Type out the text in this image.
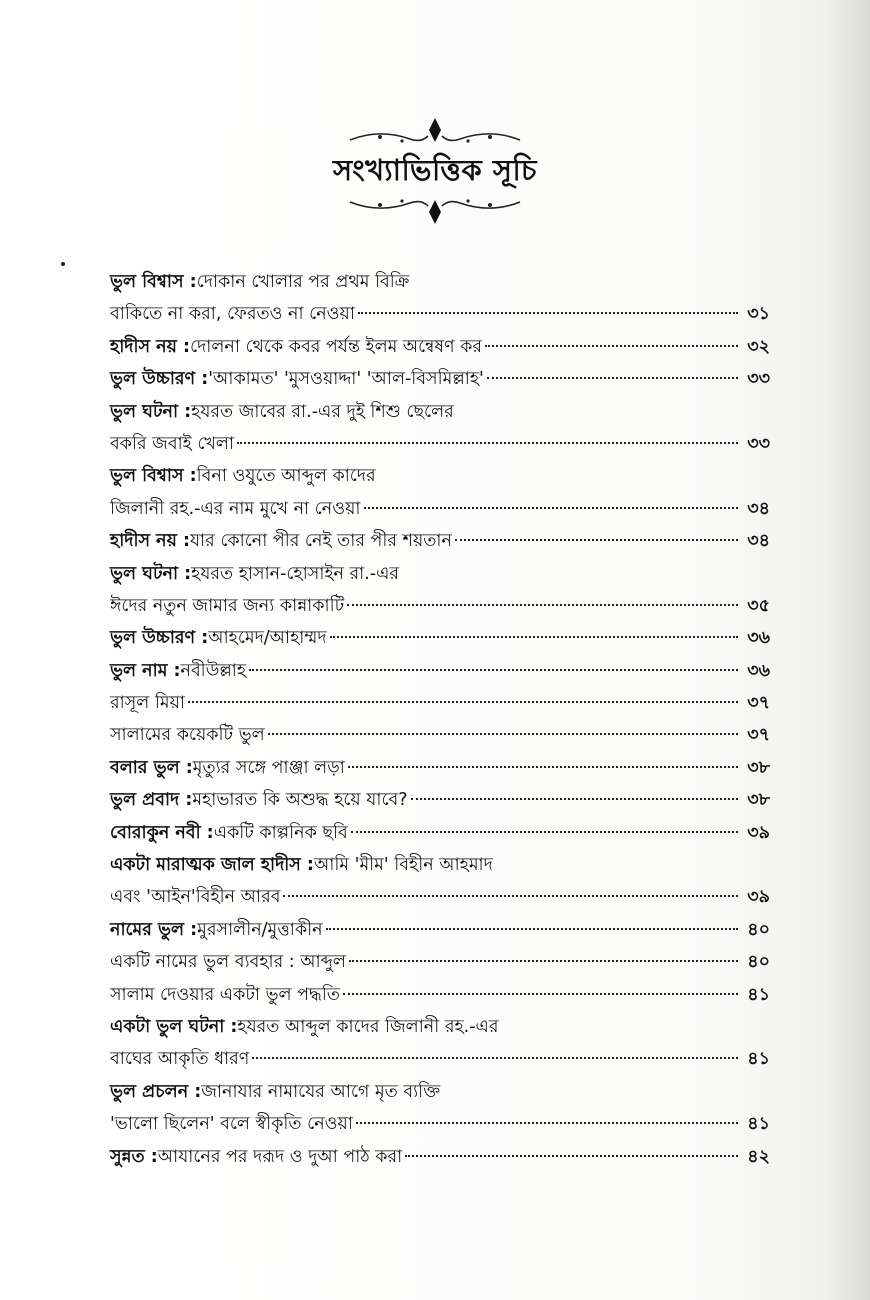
সংখ্যাভিত্তিক সূচি
ভুল বিশ্বাস : দোকান খোলার পর প্রথম বিক্রি
বাকিতে না করা, ফেরতও না নেওয়া	৩১
হাদীস নয় : দোলনা থেকে কবর পর্যন্ত ইলম অন্বেষণ কর	৩২
ভুল উচ্চারণ : 'আকামত' 'মুসওয়াদ্দা' 'আল-বিসমিল্লাহ'	৩৩
ভুল ঘটনা : হযরত জাবের রা.-এর দুই শিশু ছেলের
বকরি জবাই খেলা	৩৩
ভুল বিশ্বাস : বিনা ওযুতে আব্দুল কাদের
জিলানী রহ.-এর নাম মুখে না নেওয়া	৩৪
হাদীস নয় : যার কোনো পীর নেই তার পীর শয়তান	৩৪
ভুল ঘটনা : হযরত হাসান-হোসাইন রা.-এর
ঈদের নতুন জামার জন্য কান্নাকাটি	৩৫
ভুল উচ্চারণ : আহমেদ/আহাম্মদ	৩৬
ভুল নাম : নবীউল্লাহ	৩৬
রাসূল মিয়া	৩৭
সালামের কয়েকটি ভুল	৩৭
বলার ভুল : মৃত্যুর সঙ্গে পাঞ্জা লড়া	৩৮
ভুল প্রবাদ : মহাভারত কি অশুদ্ধ হয়ে যাবে?	৩৮
বোরাকুন নবী : একটি কাল্পনিক ছবি	৩৯
একটা মারাত্মক জাল হাদীস : আমি 'মীম' বিহীন আহমাদ
এবং 'আইন'বিহীন আরব	৩৯
নামের ভুল : মুরসালীন/মুত্তাকীন	৪০
একটি নামের ভুল ব্যবহার : আব্দুল	৪০
সালাম দেওয়ার একটা ভুল পদ্ধতি	৪১
একটা ভুল ঘটনা : হযরত আব্দুল কাদের জিলানী রহ.-এর
বাঘের আকৃতি ধারণ	৪১
ভুল প্রচলন : জানাযার নামাযের আগে মৃত ব্যক্তি
'ভালো ছিলেন' বলে স্বীকৃতি নেওয়া	৪১
সুন্নত : আযানের পর দরূদ ও দুআ পাঠ করা	৪২
